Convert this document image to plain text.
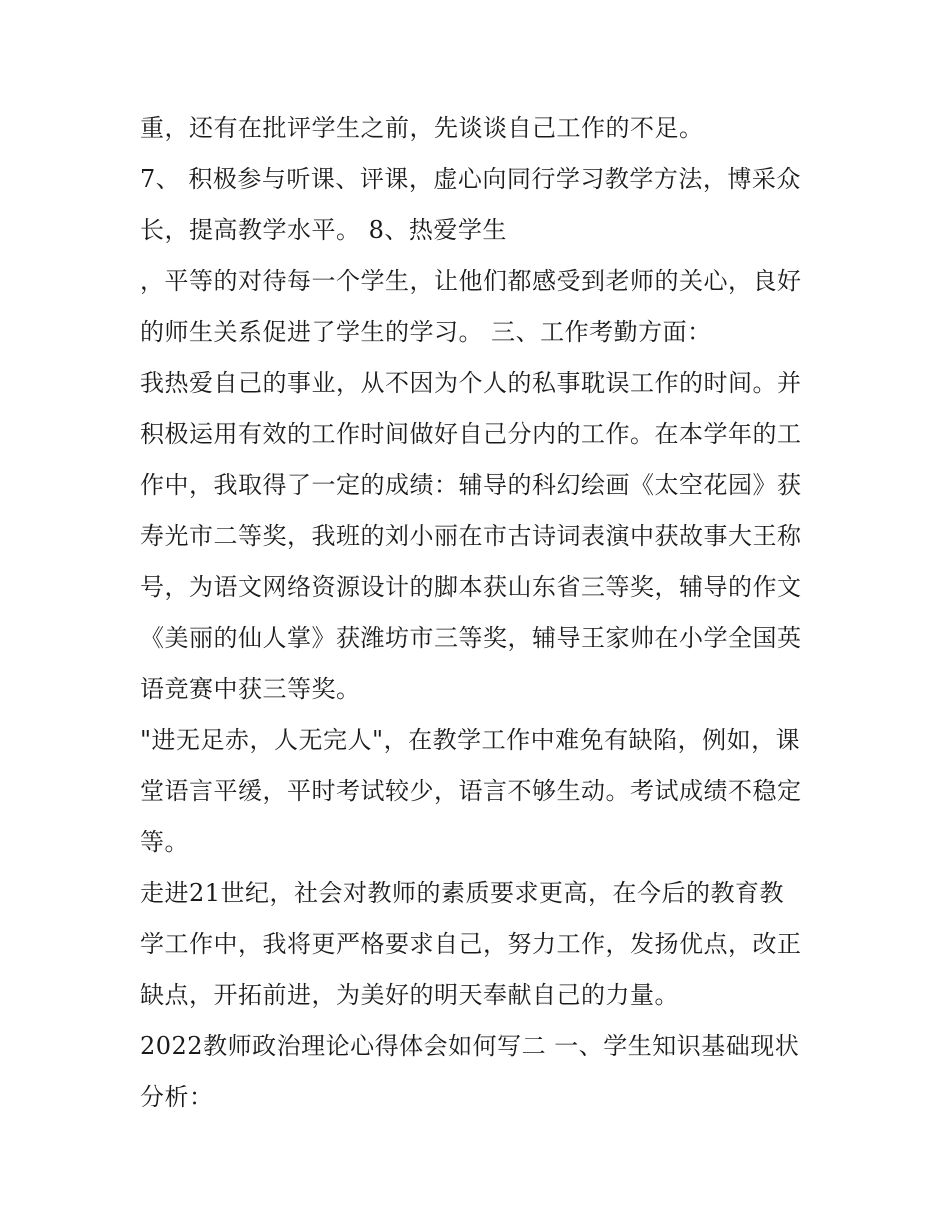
重，还有在批评学生之前，先谈谈自己工作的不足。

7、 积极参与听课、评课，虚心向同行学习教学方法，博采众

长，提高教学水平。 8、热爱学生

，平等的对待每一个学生，让他们都感受到老师的关心，良好

的师生关系促进了学生的学习。 三、工作考勤方面：

我热爱自己的事业，从不因为个人的私事耽误工作的时间。并

积极运用有效的工作时间做好自己分内的工作。在本学年的工

作中，我取得了一定的成绩：辅导的科幻绘画《太空花园》获

寿光市二等奖，我班的刘小丽在市古诗词表演中获故事大王称

号，为语文网络资源设计的脚本获山东省三等奖，辅导的作文

《美丽的仙人掌》获潍坊市三等奖，辅导王家帅在小学全国英

语竞赛中获三等奖。

"进无足赤，人无完人"，在教学工作中难免有缺陷，例如，课

堂语言平缓，平时考试较少，语言不够生动。考试成绩不稳定

等。

走进21世纪，社会对教师的素质要求更高，在今后的教育教

学工作中，我将更严格要求自己，努力工作，发扬优点，改正

缺点，开拓前进，为美好的明天奉献自己的力量。

2022教师政治理论心得体会如何写二 一、学生知识基础现状

分析：
